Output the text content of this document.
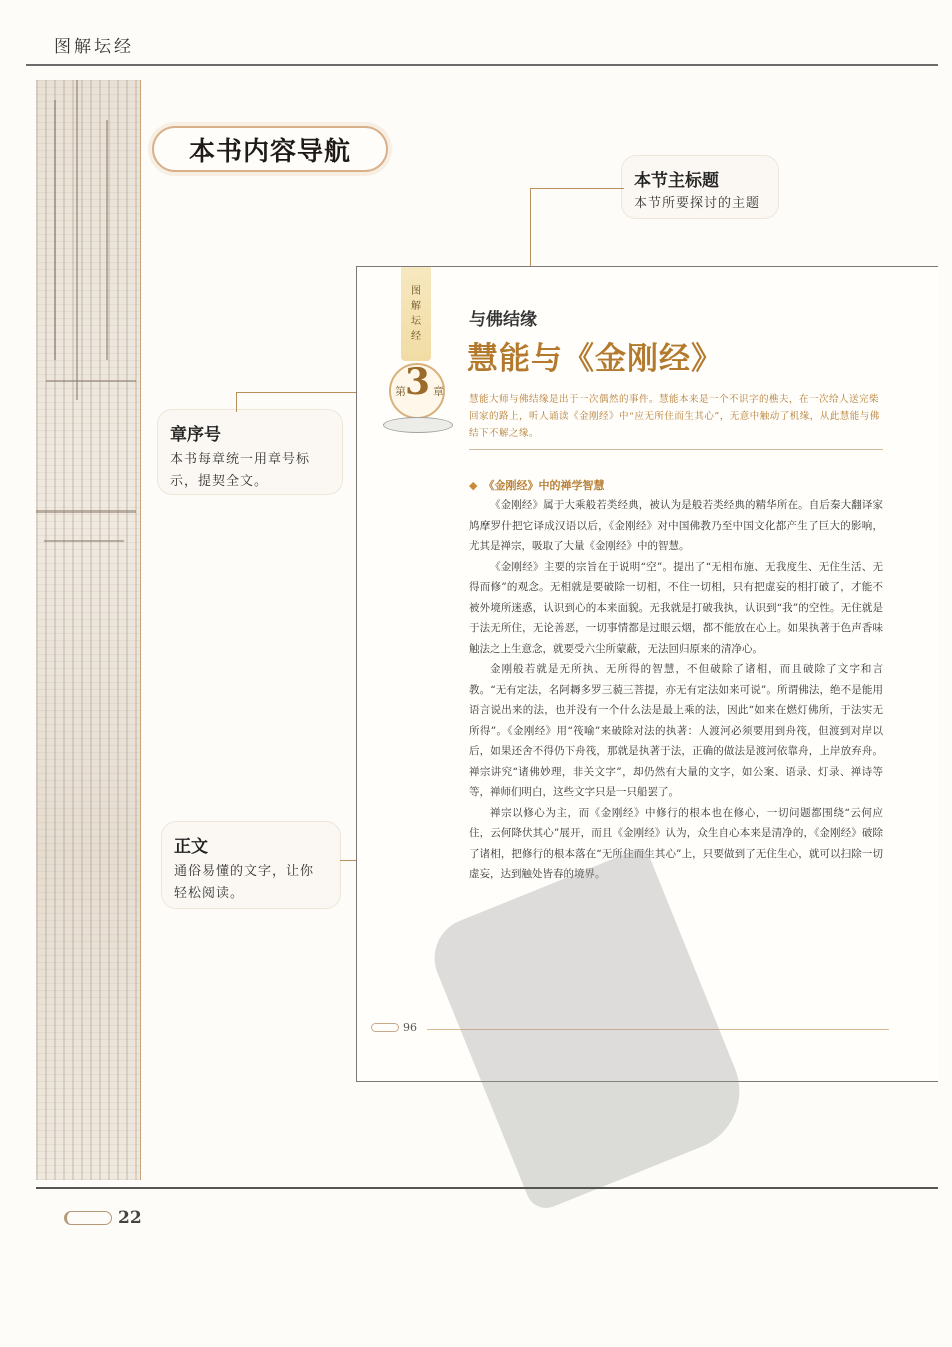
图解坛经
本书内容导航
本节主标题
本节所要探讨的主题
章序号
本书每章统一用章号标
示，提契全文。
正文
通俗易懂的文字，让你
轻松阅读。
图
解
坛
经
第 3 章
与佛结缘
慧能与《金刚经》
慧能大师与佛结缘是出于一次偶然的事件。慧能本来是一个不识字的樵夫，在一次给人送完柴回家的路上，听人诵读《金刚经》中“应无所住而生其心”，无意中触动了机缘，从此慧能与佛结下不解之缘。
◆ 《金刚经》中的禅学智慧

《金刚经》属于大乘般若类经典，被认为是般若类经典的精华所在。自后秦大翻译家鸠摩罗什把它译成汉语以后，《金刚经》对中国佛教乃至中国文化都产生了巨大的影响，尤其是禅宗，吸取了大量《金刚经》中的智慧。

《金刚经》主要的宗旨在于说明“空”。提出了“无相布施、无我度生、无住生活、无得而修”的观念。无相就是要破除一切相，不住一切相，只有把虚妄的相打破了，才能不被外境所迷惑，认识到心的本来面貌。无我就是打破我执，认识到“我”的空性。无住就是于法无所住，无论善恶，一切事情都是过眼云烟，都不能放在心上。如果执著于色声香味触法之上生意念，就要受六尘所蒙蔽，无法回归原来的清净心。

金刚般若就是无所执、无所得的智慧，不但破除了诸相，而且破除了文字和言教。“无有定法，名阿耨多罗三藐三菩提，亦无有定法如来可说”。所谓佛法，绝不是能用语言说出来的法，也并没有一个什么法是最上乘的法，因此“如来在燃灯佛所，于法实无所得”。《金刚经》用“筏喻”来破除对法的执著：人渡河必须要用到舟筏，但渡到对岸以后，如果还舍不得仍下舟筏，那就是执著于法，正确的做法是渡河依靠舟，上岸放弃舟。禅宗讲究“诸佛妙理，非关文字”，却仍然有大量的文字，如公案、语录、灯录、禅诗等等，禅师们明白，这些文字只是一只船罢了。

禅宗以修心为主，而《金刚经》中修行的根本也在修心，一切问题都围绕“云何应住，云何降伏其心”展开，而且《金刚经》认为，众生自心本来是清净的，《金刚经》破除了诸相，把修行的根本落在“无所住而生其心”上，只要做到了无住生心，就可以扫除一切虚妄，达到触处皆春的境界。

96
22
